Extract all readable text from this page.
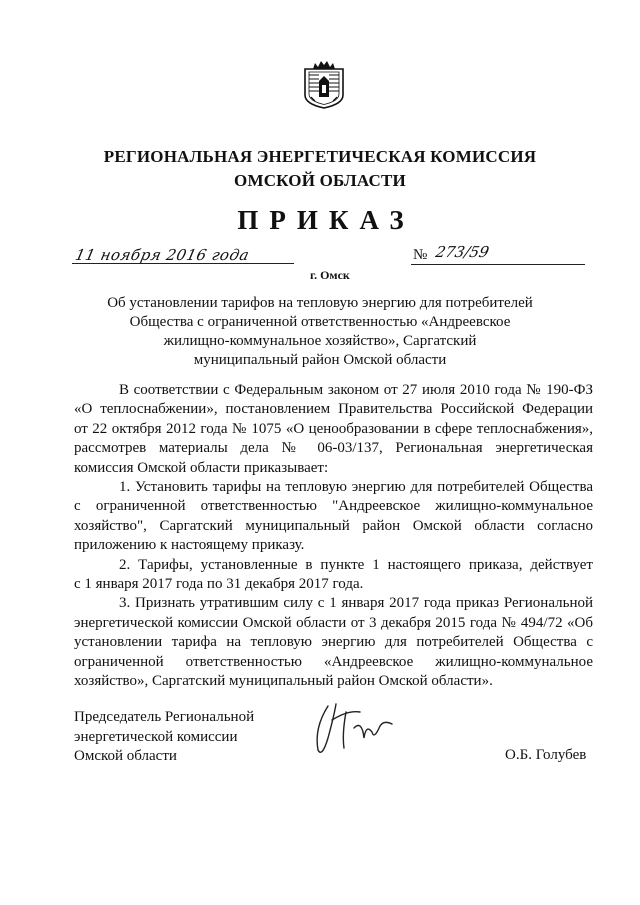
РЕГИОНАЛЬНАЯ ЭНЕРГЕТИЧЕСКАЯ КОМИССИЯ
ОМСКОЙ ОБЛАСТИ
ПРИКАЗ
11 ноября 2016 года	№ 273/59
г. Омск
Об установлении тарифов на тепловую энергию для потребителей
Общества с ограниченной ответственностью «Андреевское
жилищно-коммунальное хозяйство», Саргатский
муниципальный район Омской области
В соответствии с Федеральным законом от 27 июля 2010 года № 190-ФЗ
«О теплоснабжении», постановлением Правительства Российской Федерации
от 22 октября 2012 года № 1075 «О ценообразовании в сфере теплоснабжения»,
рассмотрев материалы дела № 06-03/137, Региональная энергетическая
комиссия Омской области приказывает:
1. Установить тарифы на тепловую энергию для потребителей Общества
с ограниченной ответственностью "Андреевское жилищно-коммунальное
хозяйство", Саргатский муниципальный район Омской области согласно
приложению к настоящему приказу.
2. Тарифы, установленные в пункте 1 настоящего приказа, действует
с 1 января 2017 года по 31 декабря 2017 года.
3. Признать утратившим силу с 1 января 2017 года приказ Региональной
энергетической комиссии Омской области от 3 декабря 2015 года № 494/72 «Об
установлении тарифа на тепловую энергию для потребителей Общества с
ограниченной ответственностью «Андреевское жилищно-коммунальное
хозяйство», Саргатский муниципальный район Омской области».
Председатель Региональной
энергетической комиссии
Омской области	О.Б. Голубев
